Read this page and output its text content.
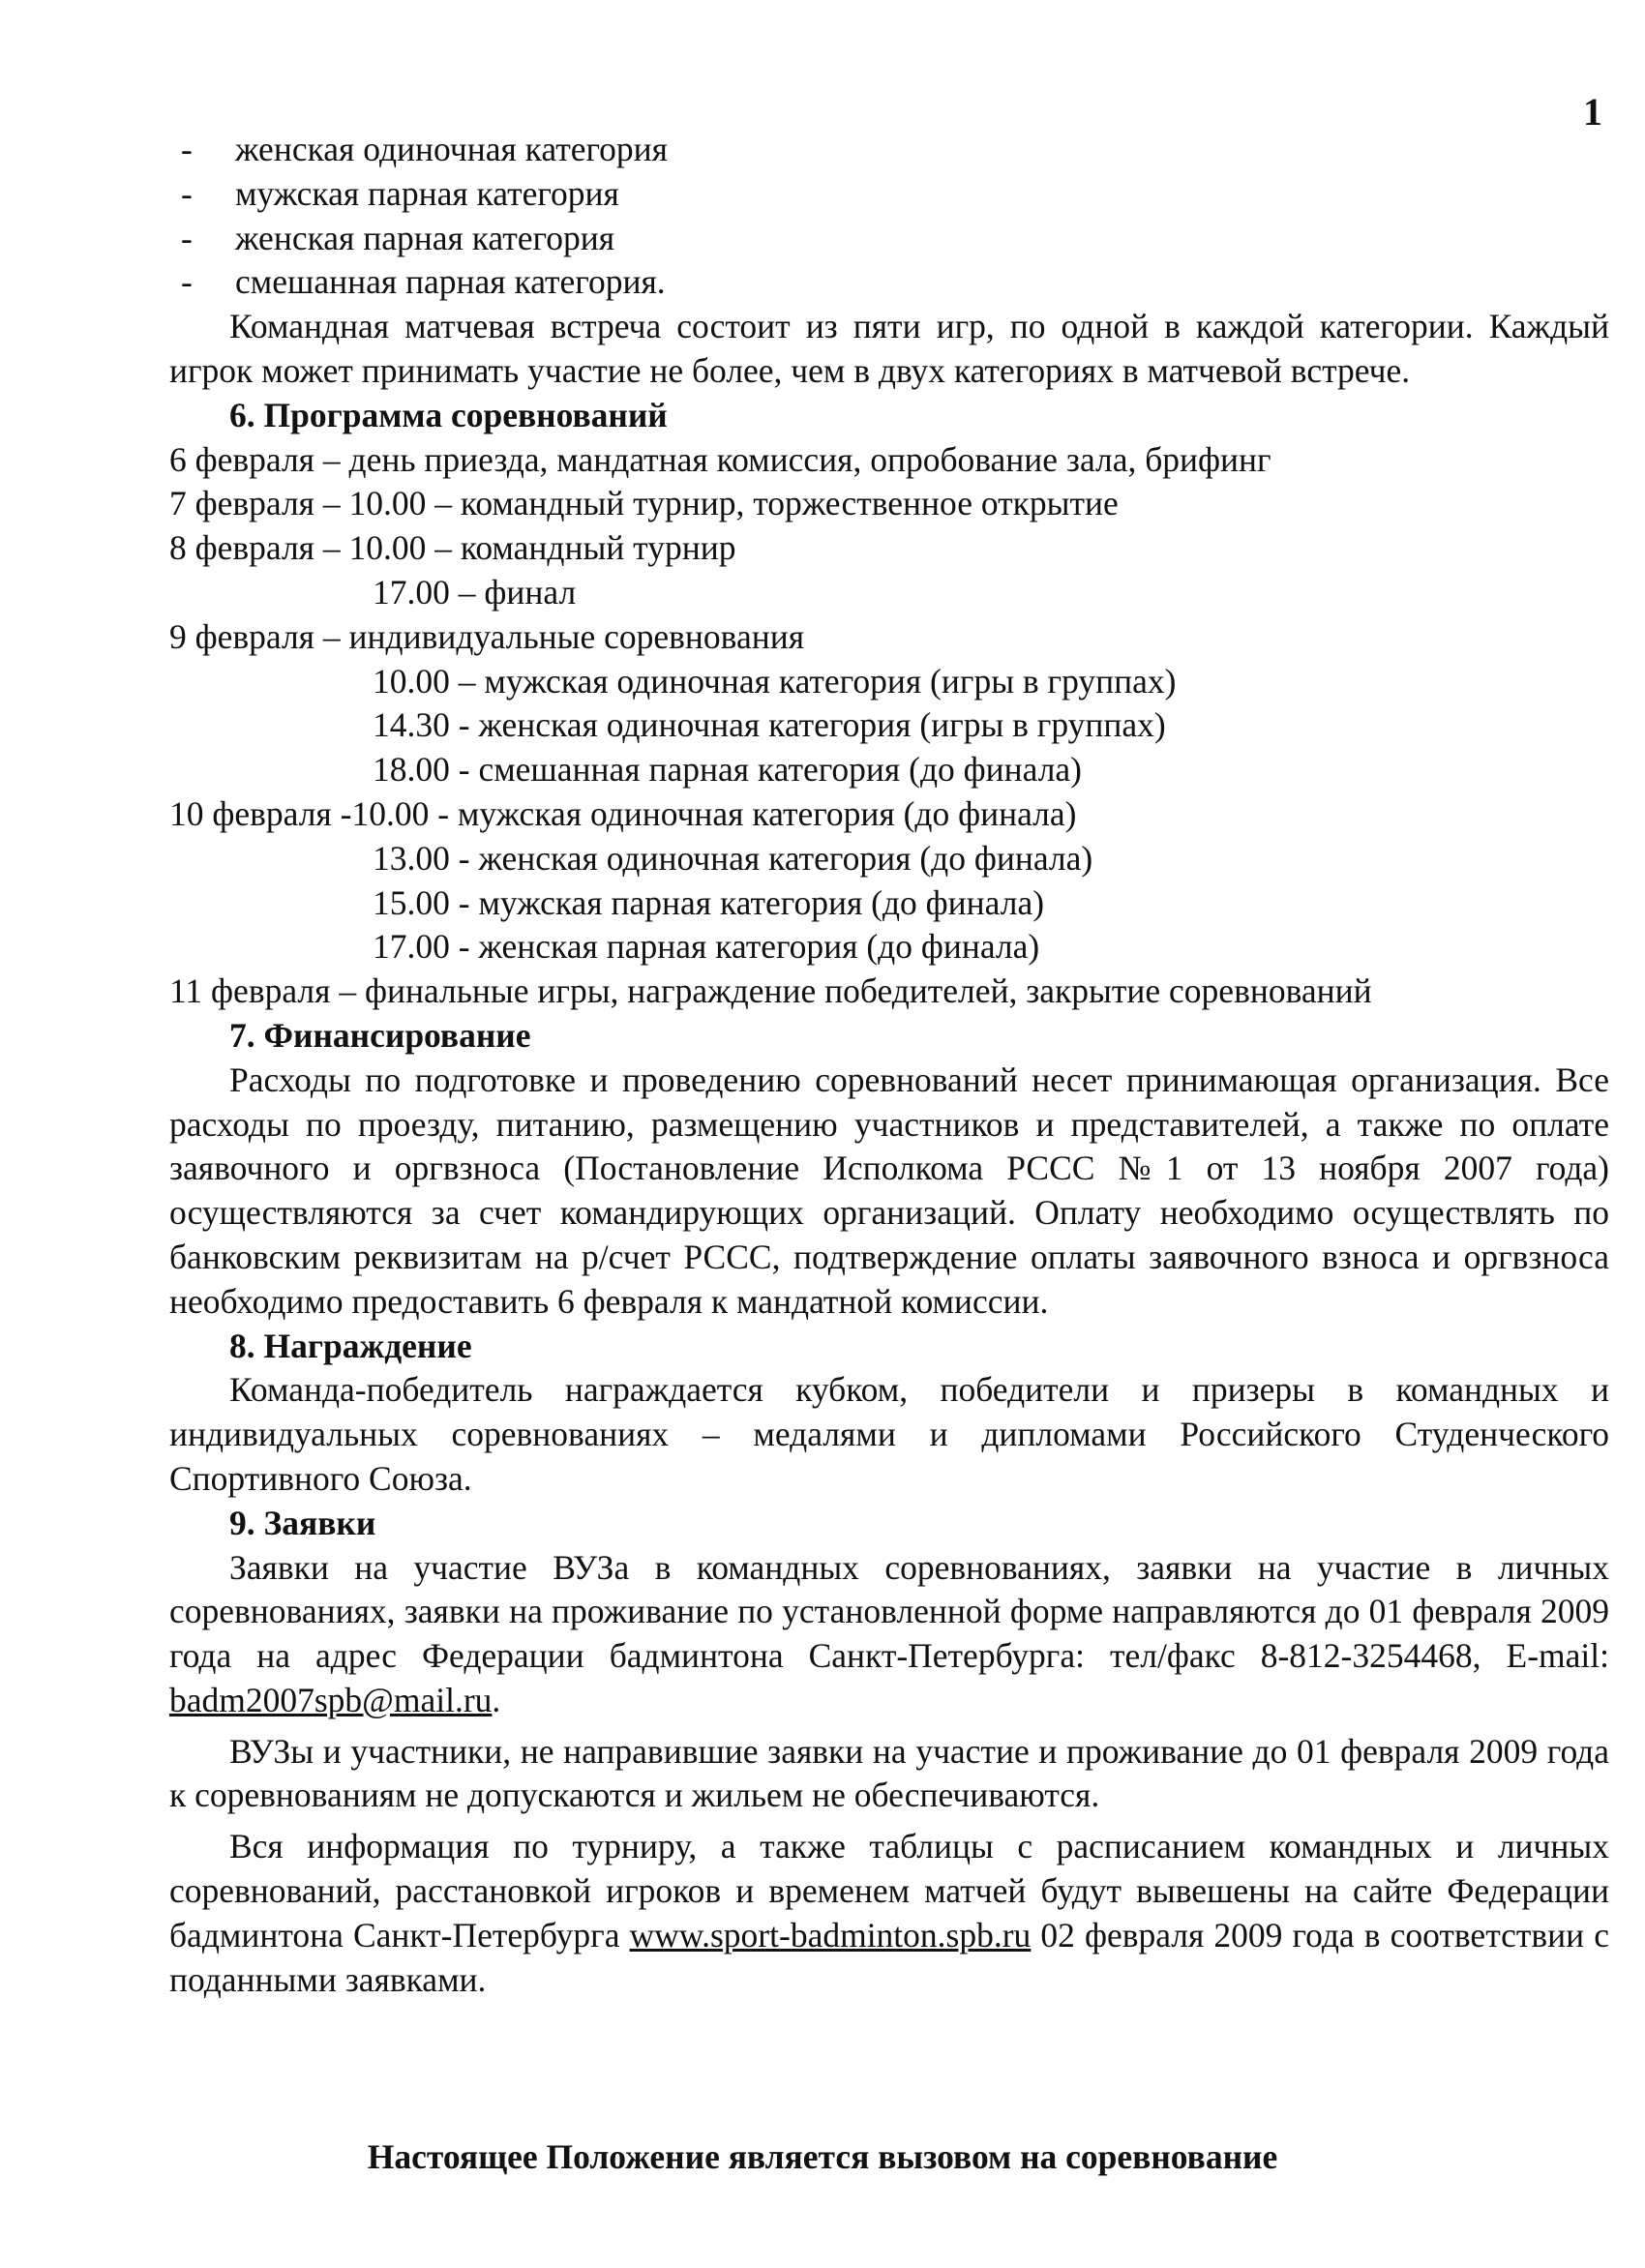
1
- женская одиночная категория
- мужская парная категория
- женская парная категория
- смешанная парная категория.
Командная матчевая встреча состоит из пяти игр, по одной в каждой категории. Каждый игрок может принимать участие не более, чем в двух категориях в матчевой встрече.
6. Программа соревнований
6 февраля – день приезда, мандатная комиссия, опробование зала, брифинг
7 февраля – 10.00 – командный турнир, торжественное открытие
8 февраля – 10.00 – командный турнир
17.00 – финал
9 февраля – индивидуальные соревнования
10.00 – мужская одиночная категория (игры в группах)
14.30 - женская одиночная категория (игры в группах)
18.00 - смешанная парная категория (до финала)
10 февраля -10.00 - мужская одиночная категория (до финала)
13.00 - женская одиночная категория (до финала)
15.00 - мужская парная категория (до финала)
17.00 - женская парная категория (до финала)
11 февраля – финальные игры, награждение победителей, закрытие соревнований
7. Финансирование
Расходы по подготовке и проведению соревнований несет принимающая организация. Все расходы по проезду, питанию, размещению участников и представителей, а также по оплате заявочного и оргвзноса (Постановление Исполкома РССС №1 от 13 ноября 2007 года) осуществляются за счет командирующих организаций. Оплату необходимо осуществлять по банковским реквизитам на р/счет РССС, подтверждение оплаты заявочного взноса и оргвзноса необходимо предоставить 6 февраля к мандатной комиссии.
8. Награждение
Команда-победитель награждается кубком, победители и призеры в командных и индивидуальных соревнованиях – медалями и дипломами Российского Студенческого Спортивного Союза.
9. Заявки
Заявки на участие ВУЗа в командных соревнованиях, заявки на участие в личных соревнованиях, заявки на проживание по установленной форме направляются до 01 февраля 2009 года на адрес Федерации бадминтона Санкт-Петербурга: тел/факс 8-812-3254468, E-mail: badm2007spb@mail.ru.
ВУЗы и участники, не направившие заявки на участие и проживание до 01 февраля 2009 года к соревнованиям не допускаются и жильем не обеспечиваются.
Вся информация по турниру, а также таблицы с расписанием командных и личных соревнований, расстановкой игроков и временем матчей будут вывешены на сайте Федерации бадминтона Санкт-Петербурга www.sport-badminton.spb.ru 02 февраля 2009 года в соответствии с поданными заявками.
Настоящее Положение является вызовом на соревнование
